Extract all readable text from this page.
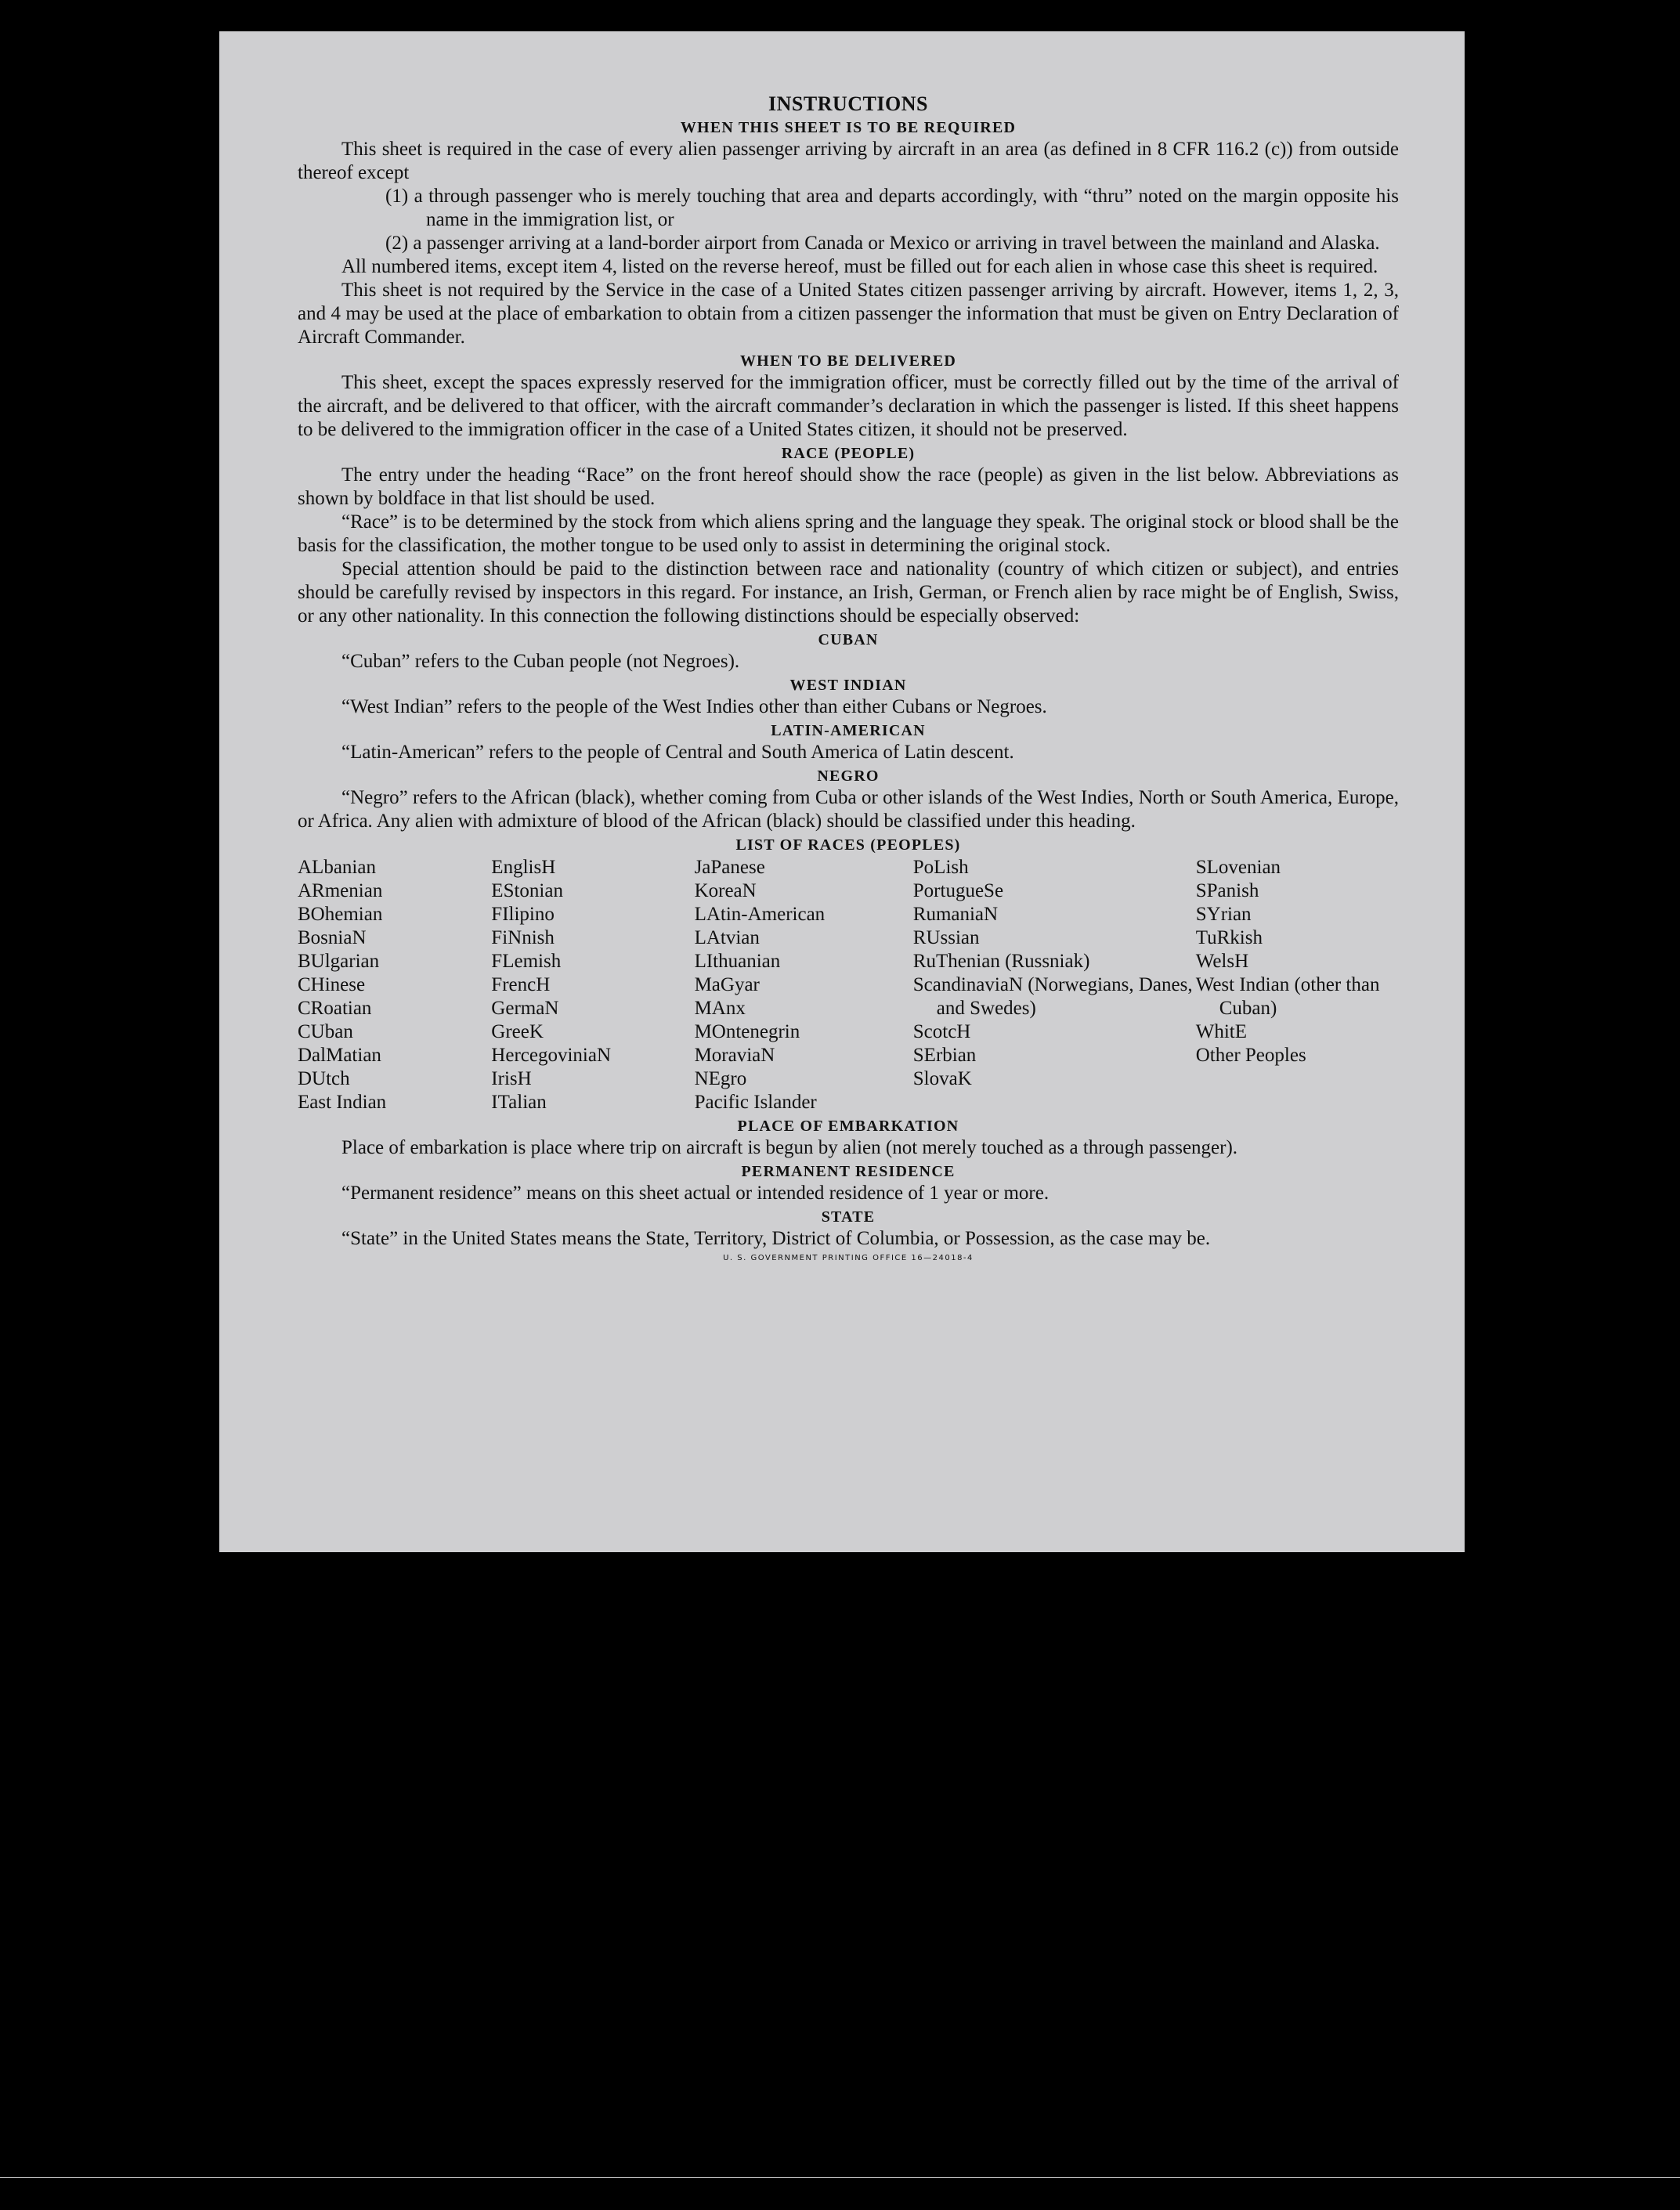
INSTRUCTIONS
WHEN THIS SHEET IS TO BE REQUIRED

This sheet is required in the case of every alien passenger arriving by aircraft in an area (as defined in 8 CFR 116.2 (c)) from outside thereof except

(1) a through passenger who is merely touching that area and departs accordingly, with “thru” noted on the margin opposite his name in the immigration list, or

(2) a passenger arriving at a land-border airport from Canada or Mexico or arriving in travel between the mainland and Alaska.

All numbered items, except item 4, listed on the reverse hereof, must be filled out for each alien in whose case this sheet is required.

This sheet is not required by the Service in the case of a United States citizen passenger arriving by aircraft. However, items 1, 2, 3, and 4 may be used at the place of embarkation to obtain from a citizen passenger the information that must be given on Entry Declaration of Aircraft Commander.

WHEN TO BE DELIVERED

This sheet, except the spaces expressly reserved for the immigration officer, must be correctly filled out by the time of the arrival of the aircraft, and be delivered to that officer, with the aircraft commander’s declaration in which the passenger is listed. If this sheet happens to be delivered to the immigration officer in the case of a United States citizen, it should not be preserved.

RACE (PEOPLE)

The entry under the heading “Race” on the front hereof should show the race (people) as given in the list below. Abbreviations as shown by boldface in that list should be used.

“Race” is to be determined by the stock from which aliens spring and the language they speak. The original stock or blood shall be the basis for the classification, the mother tongue to be used only to assist in determining the original stock.

Special attention should be paid to the distinction between race and nationality (country of which citizen or subject), and entries should be carefully revised by inspectors in this regard. For instance, an Irish, German, or French alien by race might be of English, Swiss, or any other nationality. In this connection the following distinctions should be especially observed:

CUBAN

“Cuban” refers to the Cuban people (not Negroes).

WEST INDIAN

“West Indian” refers to the people of the West Indies other than either Cubans or Negroes.

LATIN-AMERICAN

“Latin-American” refers to the people of Central and South America of Latin descent.

NEGRO

“Negro” refers to the African (black), whether coming from Cuba or other islands of the West Indies, North or South America, Europe, or Africa. Any alien with admixture of blood of the African (black) should be classified under this heading.

LIST OF RACES (PEOPLES)
ALbanian
ARmenian
BOhemian
BosniaN
BUlgarian
CHinese
CRoatian
CUban
DalMatian
DUtch
East Indian
EnglisH
EStonian
FIlipino
FiNnish
FLemish
FrencH
GermaN
GreeK
HercegoviniaN
IrisH
ITalian
JaPanese
KoreaN
LAtin-American
LAtvian
LIthuanian
MaGyar
MAnx
MOntenegrin
MoraviaN
NEgro
Pacific Islander
PoLish
PortugueSe
RumaniaN
RUssian
RuThenian (Russniak)
ScandinaviaN (Norwegians, Danes, and Swedes)
ScotcH
SErbian
SlovaK
SLovenian
SPanish
SYrian
TuRkish
WelsH
West Indian (other than Cuban)
WhitE
Other Peoples
PLACE OF EMBARKATION

Place of embarkation is place where trip on aircraft is begun by alien (not merely touched as a through passenger).

PERMANENT RESIDENCE

“Permanent residence” means on this sheet actual or intended residence of 1 year or more.

STATE

“State” in the United States means the State, Territory, District of Columbia, or Possession, as the case may be.

U. S. GOVERNMENT PRINTING OFFICE 16—24018-4
